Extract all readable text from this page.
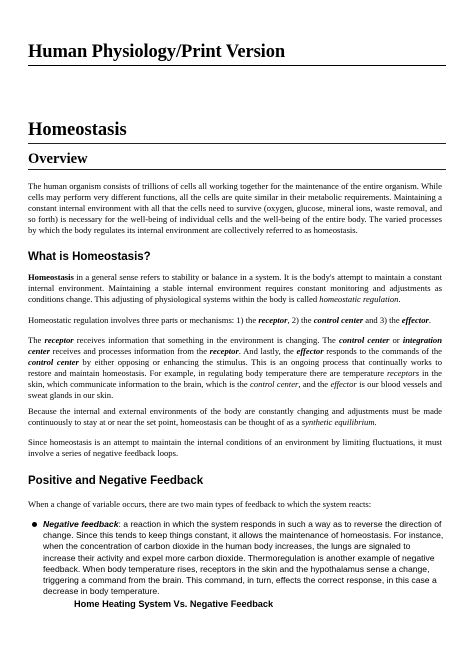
Human Physiology/Print Version
Homeostasis
Overview

The human organism consists of trillions of cells all working together for the maintenance of the entire organism. While cells may perform very different functions, all the cells are quite similar in their metabolic requirements. Maintaining a constant internal environment with all that the cells need to survive (oxygen, glucose, mineral ions, waste removal, and so forth) is necessary for the well-being of individual cells and the well-being of the entire body. The varied processes by which the body regulates its internal environment are collectively referred to as homeostasis.

What is Homeostasis?

Homeostasis in a general sense refers to stability or balance in a system. It is the body's attempt to maintain a constant internal environment. Maintaining a stable internal environment requires constant monitoring and adjustments as conditions change. This adjusting of physiological systems within the body is called homeostatic regulation.

Homeostatic regulation involves three parts or mechanisms: 1) the receptor, 2) the control center and 3) the effector.

The receptor receives information that something in the environment is changing. The control center or integration center receives and processes information from the receptor. And lastly, the effector responds to the commands of the control center by either opposing or enhancing the stimulus. This is an ongoing process that continually works to restore and maintain homeostasis. For example, in regulating body temperature there are temperature receptors in the skin, which communicate information to the brain, which is the control center, and the effector is our blood vessels and sweat glands in our skin.

Because the internal and external environments of the body are constantly changing and adjustments must be made continuously to stay at or near the set point, homeostasis can be thought of as a synthetic equilibrium.

Since homeostasis is an attempt to maintain the internal conditions of an environment by limiting fluctuations, it must involve a series of negative feedback loops.

Positive and Negative Feedback

When a change of variable occurs, there are two main types of feedback to which the system reacts:

Negative feedback: a reaction in which the system responds in such a way as to reverse the direction of change. Since this tends to keep things constant, it allows the maintenance of homeostasis. For instance, when the concentration of carbon dioxide in the human body increases, the lungs are signaled to increase their activity and expel more carbon dioxide. Thermoregulation is another example of negative feedback. When body temperature rises, receptors in the skin and the hypothalamus sense a change, triggering a command from the brain. This command, in turn, effects the correct response, in this case a decrease in body temperature.

Home Heating System Vs. Negative Feedback
